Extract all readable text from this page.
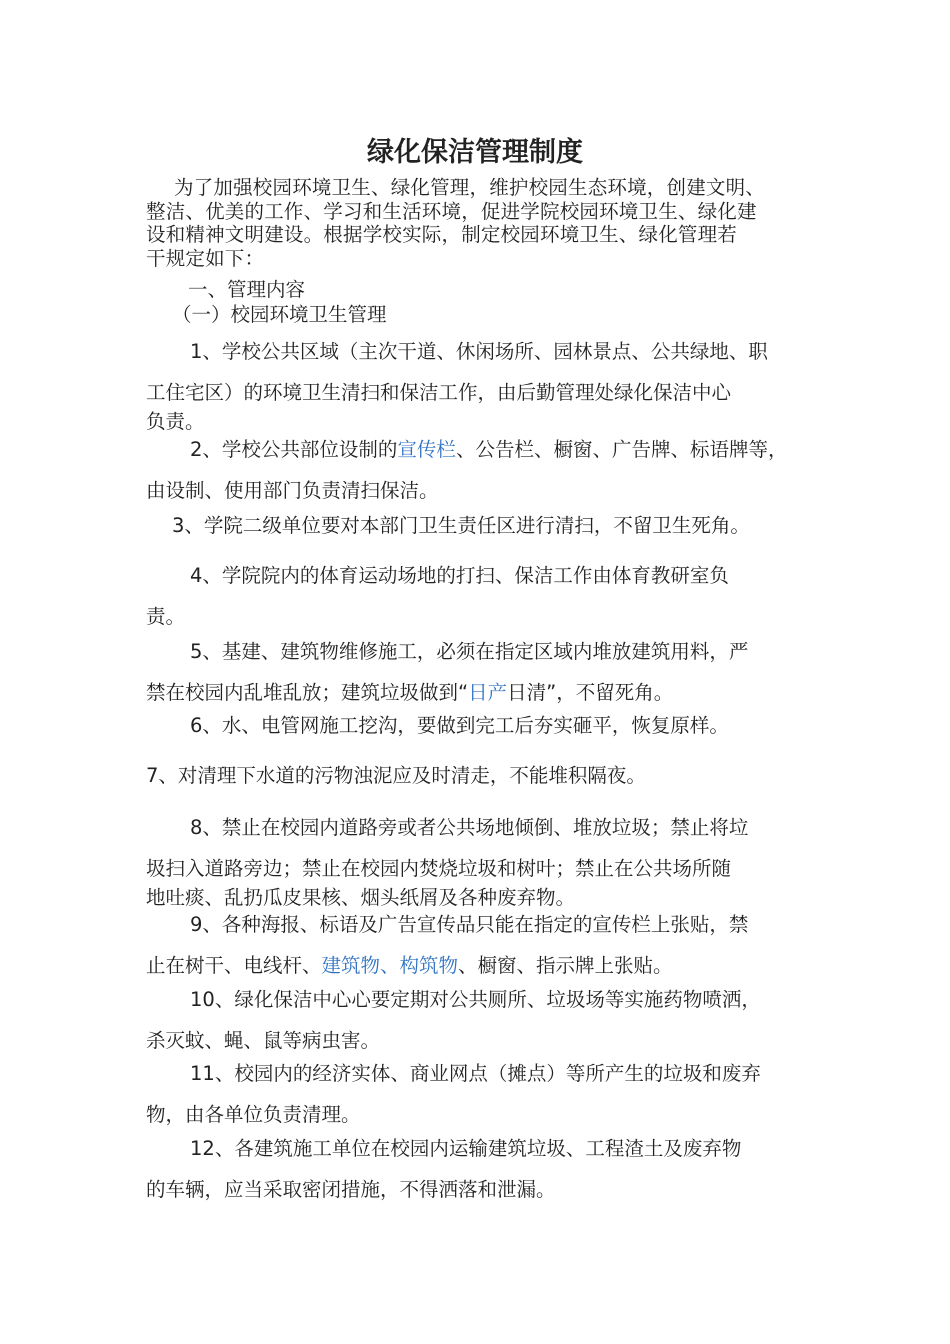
绿化保洁管理制度
为了加强校园环境卫生、绿化管理，维护校园生态环境，创建文明、
整洁、优美的工作、学习和生活环境，促进学院校园环境卫生、绿化建
设和精神文明建设。根据学校实际，制定校园环境卫生、绿化管理若
干规定如下：
一、管理内容
（一）校园环境卫生管理
1、学校公共区域（主次干道、休闲场所、园林景点、公共绿地、职
工住宅区）的环境卫生清扫和保洁工作，由后勤管理处绿化保洁中心
负责。
2、学校公共部位设制的宣传栏、公告栏、橱窗、广告牌、标语牌等，
由设制、使用部门负责清扫保洁。
3、学院二级单位要对本部门卫生责任区进行清扫，不留卫生死角。
4、学院院内的体育运动场地的打扫、保洁工作由体育教研室负
责。
5、基建、建筑物维修施工，必须在指定区域内堆放建筑用料，严
禁在校园内乱堆乱放；建筑垃圾做到“日产日清”，不留死角。
6、水、电管网施工挖沟，要做到完工后夯实砸平，恢复原样。
7、对清理下水道的污物浊泥应及时清走，不能堆积隔夜。
8、禁止在校园内道路旁或者公共场地倾倒、堆放垃圾；禁止将垃
圾扫入道路旁边；禁止在校园内焚烧垃圾和树叶；禁止在公共场所随
地吐痰、乱扔瓜皮果核、烟头纸屑及各种废弃物。
9、各种海报、标语及广告宣传品只能在指定的宣传栏上张贴，禁
止在树干、电线杆、建筑物、构筑物、橱窗、指示牌上张贴。
10、绿化保洁中心心要定期对公共厕所、垃圾场等实施药物喷洒，
杀灭蚊、蝇、鼠等病虫害。
11、校园内的经济实体、商业网点（摊点）等所产生的垃圾和废弃
物，由各单位负责清理。
12、各建筑施工单位在校园内运输建筑垃圾、工程渣土及废弃物
的车辆，应当采取密闭措施，不得洒落和泄漏。
